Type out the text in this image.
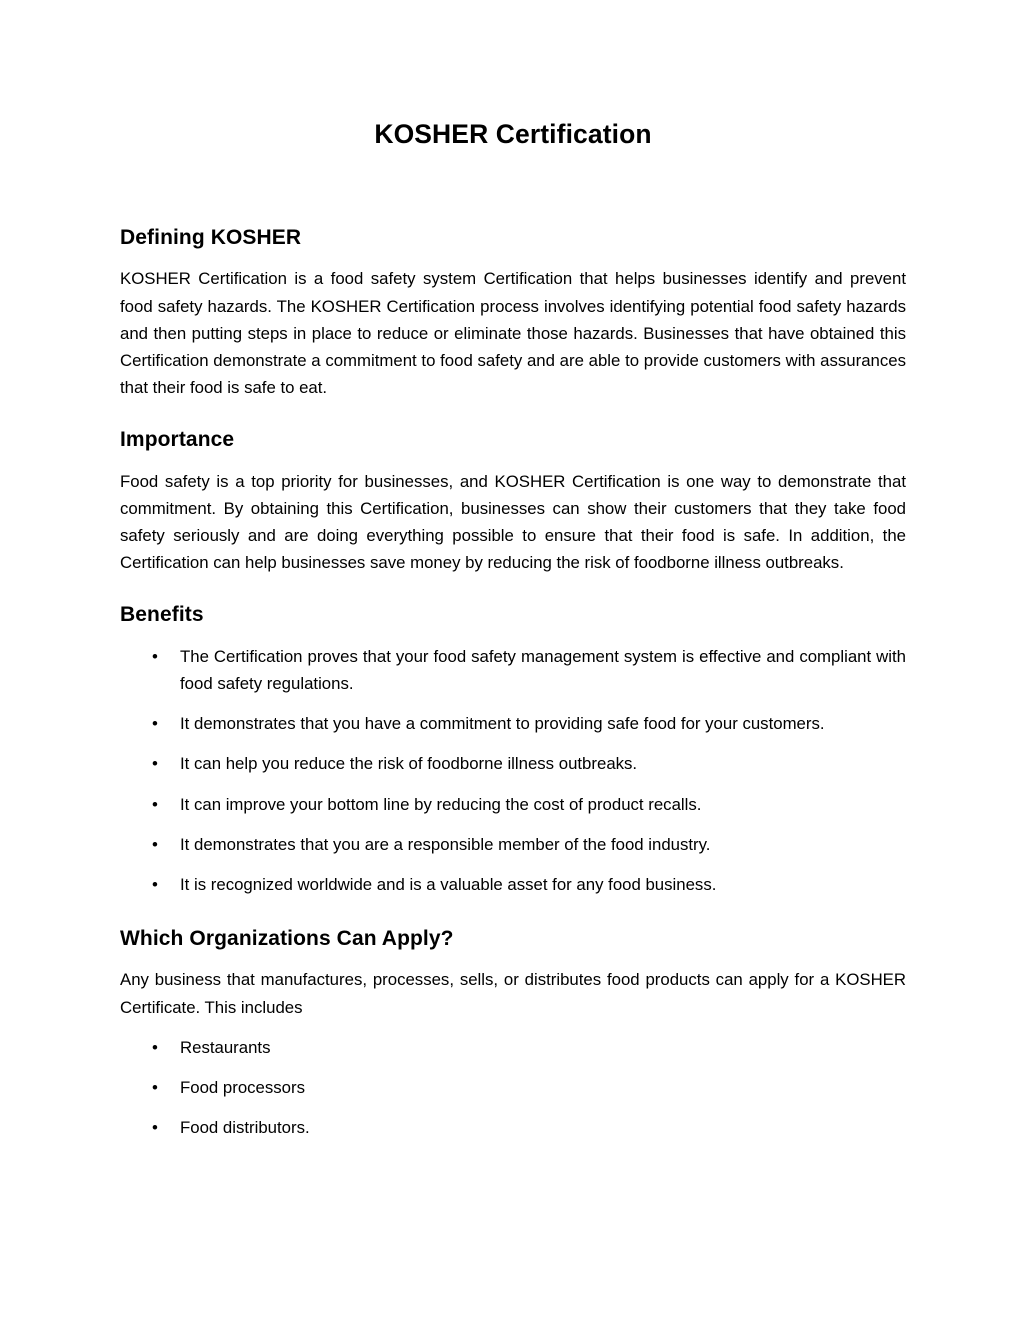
KOSHER Certification
Defining KOSHER

KOSHER Certification is a food safety system Certification that helps businesses identify and prevent food safety hazards. The KOSHER Certification process involves identifying potential food safety hazards and then putting steps in place to reduce or eliminate those hazards. Businesses that have obtained this Certification demonstrate a commitment to food safety and are able to provide customers with assurances that their food is safe to eat.

Importance

Food safety is a top priority for businesses, and KOSHER Certification is one way to demonstrate that commitment. By obtaining this Certification, businesses can show their customers that they take food safety seriously and are doing everything possible to ensure that their food is safe. In addition, the Certification can help businesses save money by reducing the risk of foodborne illness outbreaks.

Benefits
• The Certification proves that your food safety management system is effective and compliant with food safety regulations.
• It demonstrates that you have a commitment to providing safe food for your customers.
• It can help you reduce the risk of foodborne illness outbreaks.
• It can improve your bottom line by reducing the cost of product recalls.
• It demonstrates that you are a responsible member of the food industry.
• It is recognized worldwide and is a valuable asset for any food business.
Which Organizations Can Apply?

Any business that manufactures, processes, sells, or distributes food products can apply for a KOSHER Certificate. This includes

• Restaurants
• Food processors
• Food distributors.
